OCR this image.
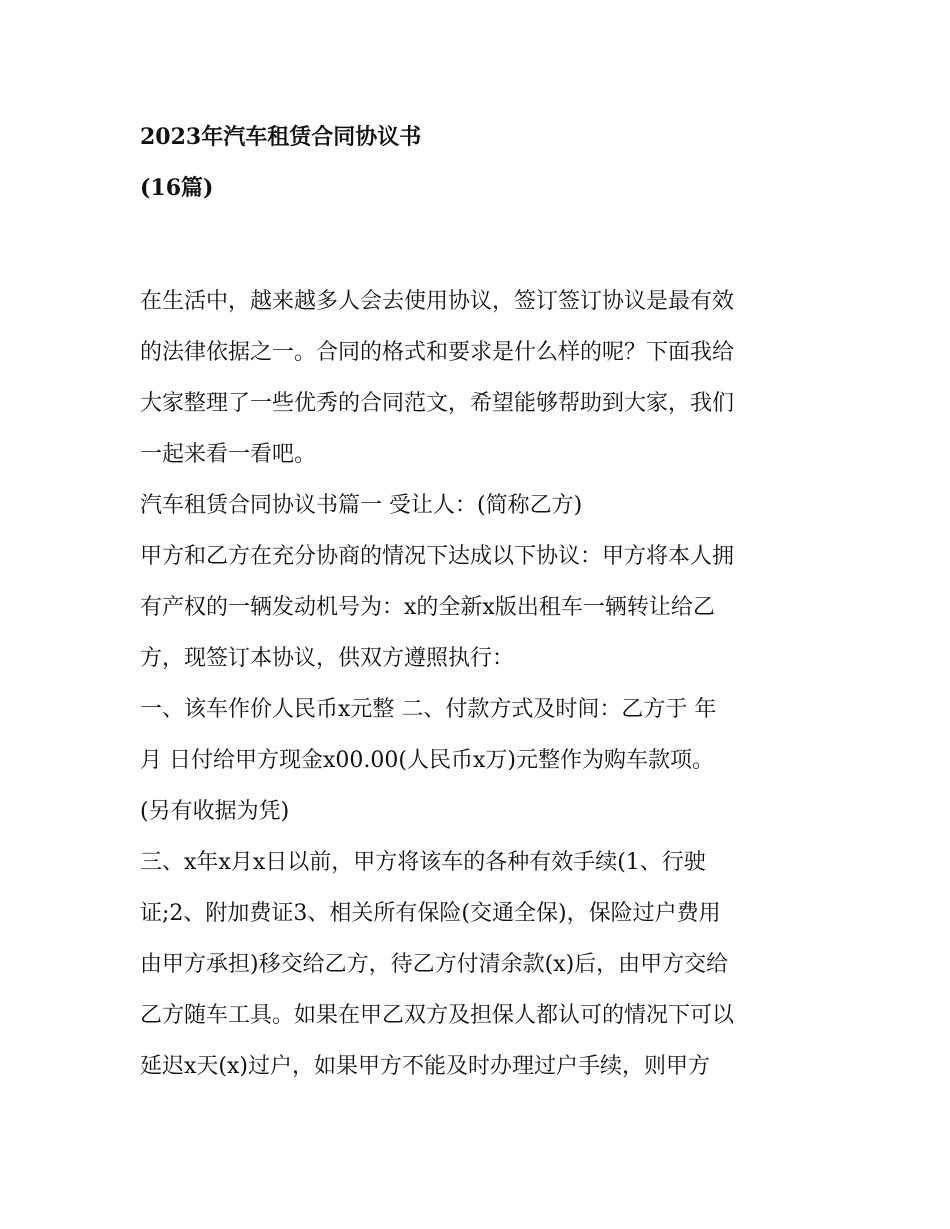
2023年汽车租赁合同协议书
(16篇)
在生活中，越来越多人会去使用协议，签订签订协议是最有效
的法律依据之一。合同的格式和要求是什么样的呢？下面我给
大家整理了一些优秀的合同范文，希望能够帮助到大家，我们
一起来看一看吧。
汽车租赁合同协议书篇一 受让人：(简称乙方)
甲方和乙方在充分协商的情况下达成以下协议：甲方将本人拥
有产权的一辆发动机号为：x的全新x版出租车一辆转让给乙
方，现签订本协议，供双方遵照执行：
一、该车作价人民币x元整 二、付款方式及时间：乙方于 年
月 日付给甲方现金x00.00(人民币x万)元整作为购车款项。
(另有收据为凭)
三、x年x月x日以前，甲方将该车的各种有效手续(1、行驶
证;2、附加费证3、相关所有保险(交通全保)，保险过户费用
由甲方承担)移交给乙方，待乙方付清余款(x)后，由甲方交给
乙方随车工具。如果在甲乙双方及担保人都认可的情况下可以
延迟x天(x)过户，如果甲方不能及时办理过户手续，则甲方
